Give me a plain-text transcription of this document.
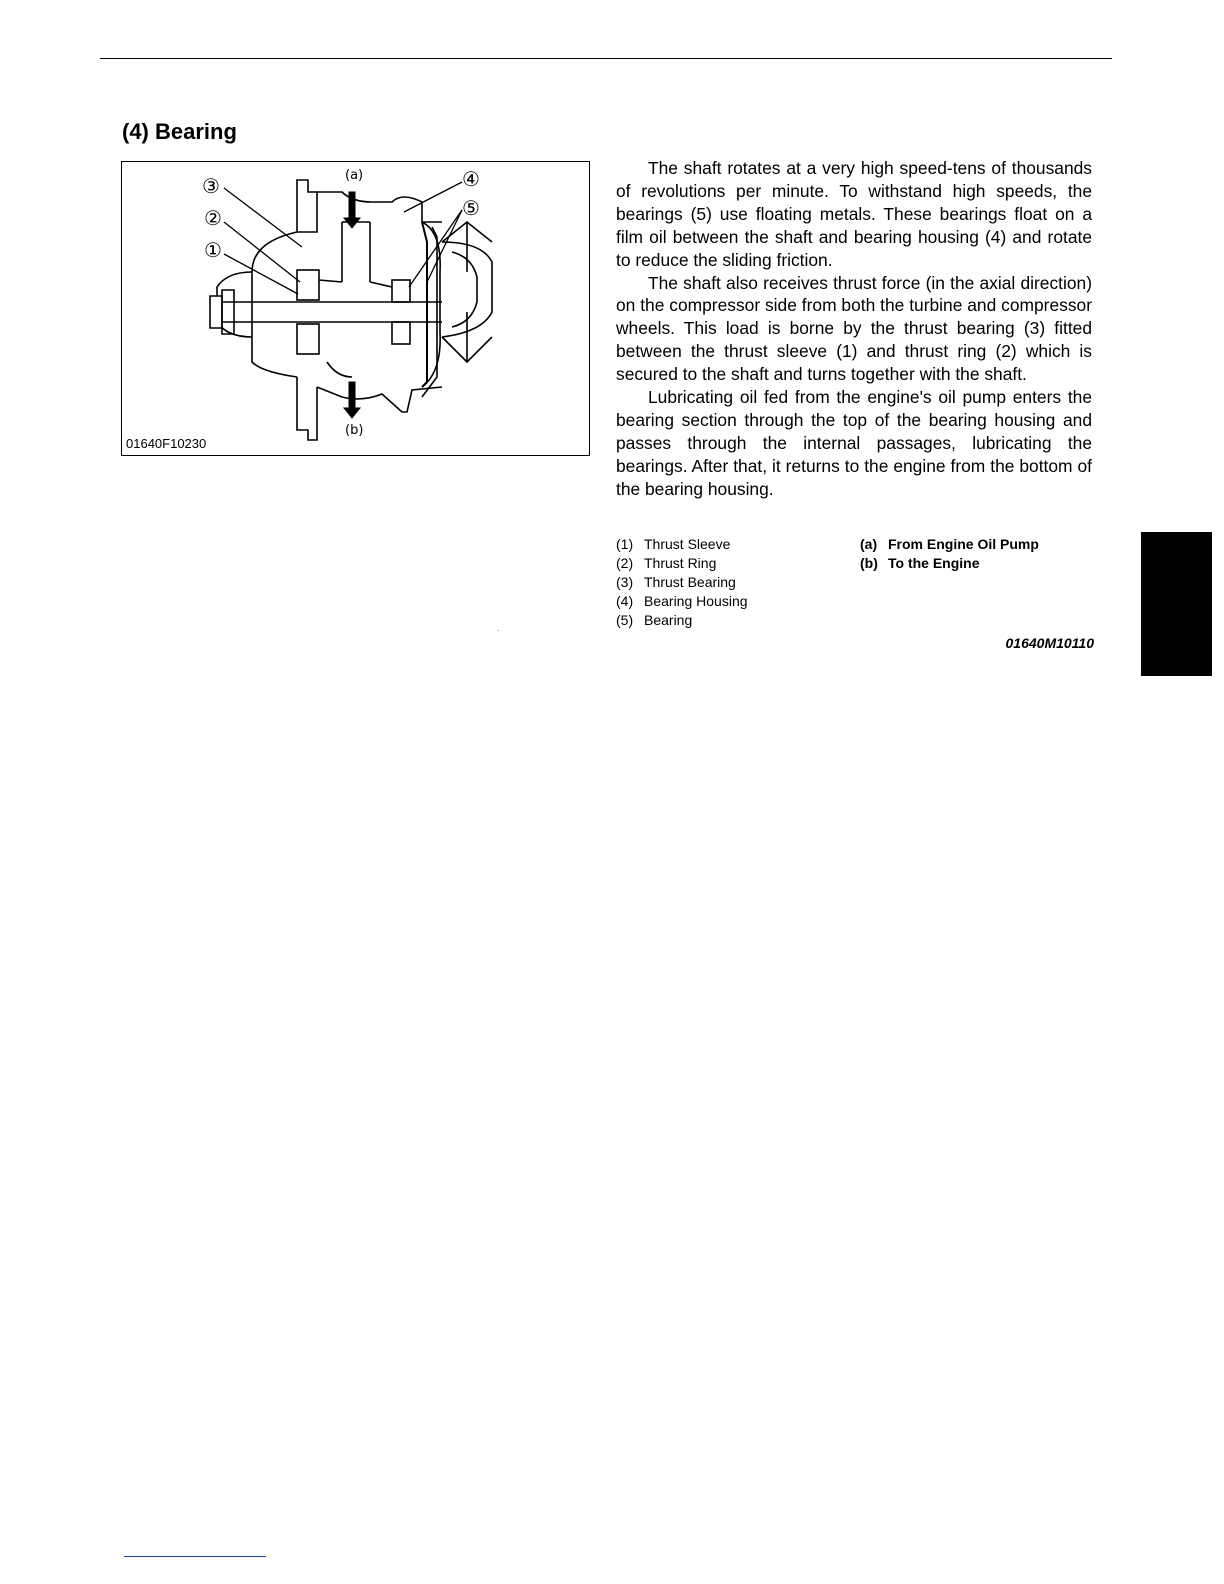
(4) Bearing
(a)
(b)
③
②
①
④
⑤
01640F10230

The shaft rotates at a very high speed-tens of thousands of revolutions per minute. To withstand high speeds, the bearings (5) use floating metals. These bearings float on a film oil between the shaft and bearing housing (4) and rotate to reduce the sliding friction.

The shaft also receives thrust force (in the axial direction) on the compressor side from both the turbine and compressor wheels. This load is borne by the thrust bearing (3) fitted between the thrust sleeve (1) and thrust ring (2) which is secured to the shaft and turns together with the shaft.

Lubricating oil fed from the engine's oil pump enters the bearing section through the top of the bearing housing and passes through the internal passages, lubricating the bearings. After that, it returns to the engine from the bottom of the bearing housing.

(1) Thrust Sleeve
(2) Thrust Ring
(3) Thrust Bearing
(4) Bearing Housing
(5) Bearing
(a) From Engine Oil Pump
(b) To the Engine
01640M10110
